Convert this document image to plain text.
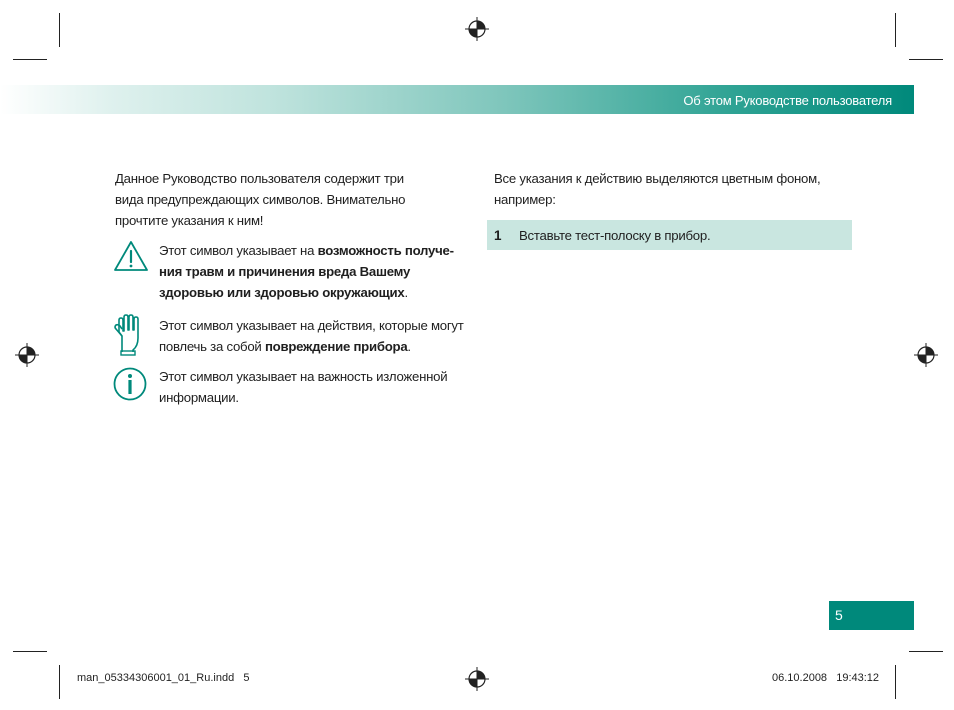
Об этом Руководстве пользователя
Данное Руководство пользователя содержит три вида предупреждающих символов. Внимательно прочтите указания к ним!
Этот символ указывает на возможность получе-ния травм и причинения вреда Вашему здоровью или здоровью окружающих.
Этот символ указывает на действия, которые могут повлечь за собой повреждение прибора.
Этот символ указывает на важность изложенной информации.
Все указания к действию выделяются цветным фоном, например:
1 Вставьте тест-полоску в прибор.
5
man_05334306001_01_Ru.indd   5	06.10.2008   19:43:12
